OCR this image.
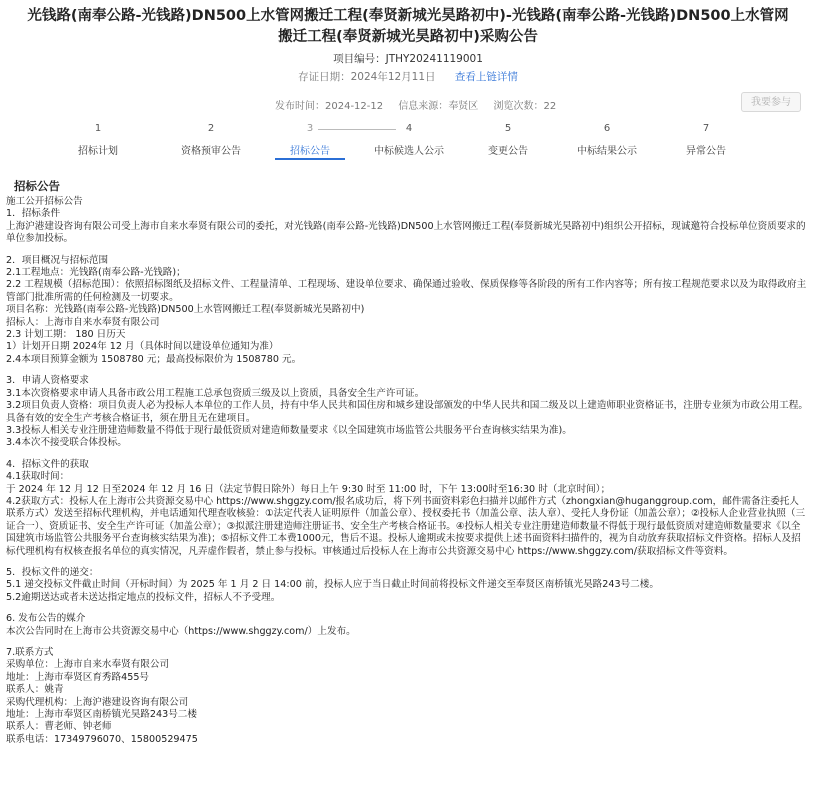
光钱路(南奉公路-光钱路)DN500上水管网搬迁工程(奉贤新城光昊路初中)-光钱路(南奉公路-光钱路)DN500上水管网搬迁工程(奉贤新城光昊路初中)采购公告
项目编号：JTHY20241119001
存证日期：2024年12月11日 查看上链详情
发布时间：2024-12-12 信息来源：奉贤区 浏览次数：22	我要参与
1
招标计划
2
资格预审公告
3
招标公告
4
中标候选人公示
5
变更公告
6
中标结果公示
7
异常公告
招标公告

施工公开招标公告

1．招标条件

上海沪港建设咨询有限公司受上海市自来水奉贤有限公司的委托，对光钱路(南奉公路-光钱路)DN500上水管网搬迁工程(奉贤新城光昊路初中)组织公开招标，现诚邀符合投标单位资质要求的单位参加投标。

2．项目概况与招标范围

2.1工程地点：光钱路(南奉公路-光钱路)；

2.2 工程规模（招标范围）：依照招标图纸及招标文件、工程量清单、工程现场、建设单位要求、确保通过验收、保质保修等各阶段的所有工作内容等；所有按工程规范要求以及为取得政府主管部门批准所需的任何检测及一切要求。

项目名称：光钱路(南奉公路-光钱路)DN500上水管网搬迁工程(奉贤新城光昊路初中)

招标人：上海市自来水奉贤有限公司

2.3 计划工期： 180 日历天

1）计划开日期 2024年 12 月（具体时间以建设单位通知为准）

2.4本项目预算金额为 1508780 元；最高投标限价为 1508780 元。

3．申请人资格要求

3.1本次资格要求申请人具备市政公用工程施工总承包资质三级及以上资质，具备安全生产许可证。

3.2项目负责人资格：项目负责人必为投标人本单位的工作人员，持有中华人民共和国住房和城乡建设部颁发的中华人民共和国二级及以上建造师职业资格证书，注册专业须为市政公用工程。具备有效的安全生产考核合格证书，须在册且无在建项目。

3.3投标人相关专业注册建造师数量不得低于现行最低资质对建造师数量要求《以全国建筑市场监管公共服务平台查询核实结果为准)。

3.4本次不接受联合体投标。

4．招标文件的获取

4.1获取时间：

于 2024 年 12 月 12 日至2024 年 12 月 16 日（法定节假日除外）每日上午 9:30 时至 11:00 时，下午 13:00时至16:30 时（北京时间）；

4.2获取方式：投标人在上海市公共资源交易中心 https://www.shggzy.com/报名成功后，将下列书面资料彩色扫描并以邮件方式（zhongxian@huganggroup.com，邮件需备注委托人联系方式）发送至招标代理机构，并电话通知代理查收核验：①法定代表人证明原件（加盖公章）、授权委托书（加盖公章、法人章）、受托人身份证（加盖公章）；②投标人企业营业执照（三证合一）、资质证书、安全生产许可证（加盖公章）；③拟派注册建造师注册证书、安全生产考核合格证书。④投标人相关专业注册建造师数量不得低于现行最低资质对建造师数量要求《以全国建筑市场监管公共服务平台查询核实结果为准)；⑤招标文件工本费1000元，售后不退。投标人逾期或未按要求提供上述书面资料扫描件的，视为自动放弃获取招标文件资格。招标人及招标代理机构有权核查报名单位的真实情况，凡弄虚作假者，禁止参与投标。审核通过后投标人在上海市公共资源交易中心 https://www.shggzy.com/获取招标文件等资料。

5．投标文件的递交：

5.1 递交投标文件截止时间（开标时间）为 2025 年 1 月 2 日 14:00 前，投标人应于当日截止时间前将投标文件递交至奉贤区南桥镇光昊路243号二楼。

5.2逾期送达或者未送达指定地点的投标文件，招标人不予受理。

6. 发布公告的媒介

本次公告同时在上海市公共资源交易中心（https://www.shggzy.com/）上发布。

7.联系方式

采购单位：上海市自来水奉贤有限公司

地址：上海市奉贤区育秀路455号

联系人：姚青

采购代理机构：上海沪港建设咨询有限公司

地址：上海市奉贤区南桥镇光昊路243号二楼

联系人：曹老师、钟老师

联系电话：17349796070、15800529475
